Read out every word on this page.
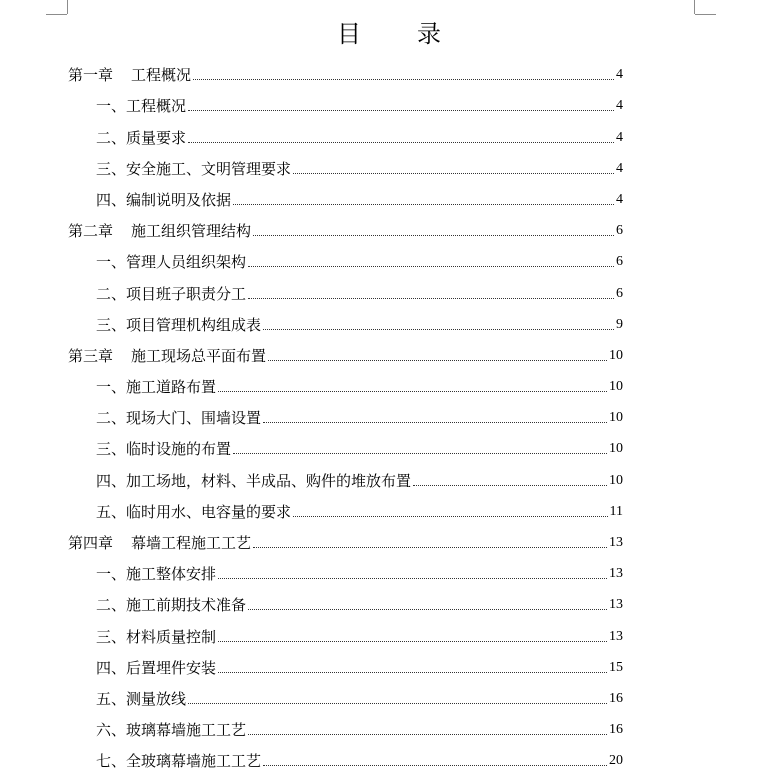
目 录
第一章 工程概况	4
一、 工程概况	4
二、 质量要求	4
三、 安全施工、文明管理要求	4
四、 编制说明及依据	4
第二章 施工组织管理结构	6
一、 管理人员组织架构	6
二、 项目班子职责分工	6
三、 项目管理机构组成表	9
第三章 施工现场总平面布置	10
一、 施工道路布置	10
二、 现场大门、围墙设置	10
三、 临时设施的布置	10
四、 加工场地，材料、半成品、购件的堆放布置	10
五、 临时用水、电容量的要求	11
第四章 幕墙工程施工工艺	13
一、 施工整体安排	13
二、 施工前期技术准备	13
三、 材料质量控制	13
四、 后置埋件安装	15
五、 测量放线	16
六、 玻璃幕墙施工工艺	16
七、 全玻璃幕墙施工工艺	20
